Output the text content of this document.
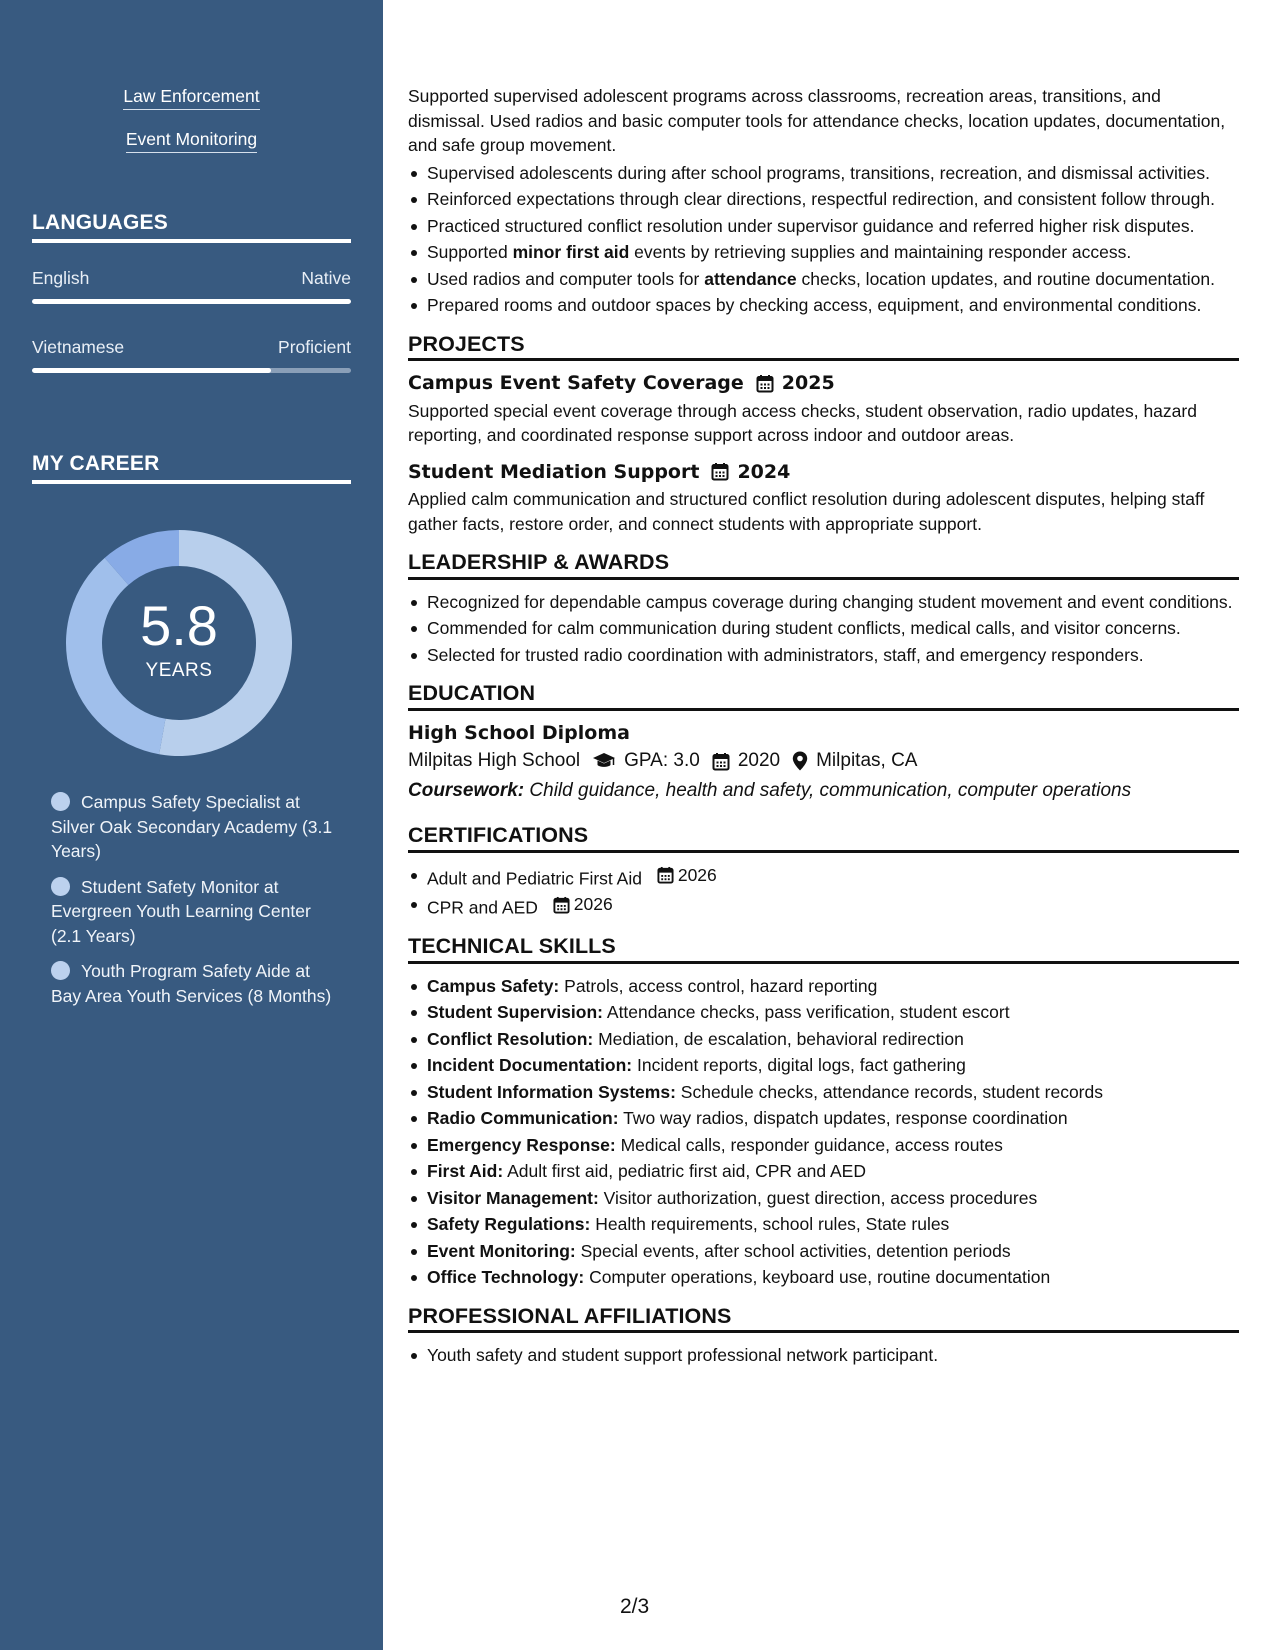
Law Enforcement
Event Monitoring
LANGUAGES
English	Native
Vietnamese	Proficient
MY CAREER
5.8
YEARS
Campus Safety Specialist at Silver Oak Secondary Academy (3.1 Years)
Student Safety Monitor at Evergreen Youth Learning Center (2.1 Years)
Youth Program Safety Aide at Bay Area Youth Services (8 Months)

Supported supervised adolescent programs across classrooms, recreation areas, transitions, and dismissal. Used radios and basic computer tools for attendance checks, location updates, documentation, and safe group movement.

Supervised adolescents during after school programs, transitions, recreation, and dismissal activities.
Reinforced expectations through clear directions, respectful redirection, and consistent follow through.
Practiced structured conflict resolution under supervisor guidance and referred higher risk disputes.
Supported minor first aid events by retrieving supplies and maintaining responder access.
Used radios and computer tools for attendance checks, location updates, and routine documentation.
Prepared rooms and outdoor spaces by checking access, equipment, and environmental conditions.
PROJECTS
Campus Event Safety Coverage 2025

Supported special event coverage through access checks, student observation, radio updates, hazard reporting, and coordinated response support across indoor and outdoor areas.

Student Mediation Support 2024

Applied calm communication and structured conflict resolution during adolescent disputes, helping staff gather facts, restore order, and connect students with appropriate support.

LEADERSHIP & AWARDS
Recognized for dependable campus coverage during changing student movement and event conditions.
Commended for calm communication during student conflicts, medical calls, and visitor concerns.
Selected for trusted radio coordination with administrators, staff, and emergency responders.
EDUCATION
High School Diploma
Milpitas High School GPA: 3.0 2020 Milpitas, CA
Coursework: Child guidance, health and safety, communication, computer operations
CERTIFICATIONS
Adult and Pediatric First Aid 2026
CPR and AED 2026
TECHNICAL SKILLS
Campus Safety: Patrols, access control, hazard reporting
Student Supervision: Attendance checks, pass verification, student escort
Conflict Resolution: Mediation, de escalation, behavioral redirection
Incident Documentation: Incident reports, digital logs, fact gathering
Student Information Systems: Schedule checks, attendance records, student records
Radio Communication: Two way radios, dispatch updates, response coordination
Emergency Response: Medical calls, responder guidance, access routes
First Aid: Adult first aid, pediatric first aid, CPR and AED
Visitor Management: Visitor authorization, guest direction, access procedures
Safety Regulations: Health requirements, school rules, State rules
Event Monitoring: Special events, after school activities, detention periods
Office Technology: Computer operations, keyboard use, routine documentation
PROFESSIONAL AFFILIATIONS
Youth safety and student support professional network participant.
2/3
